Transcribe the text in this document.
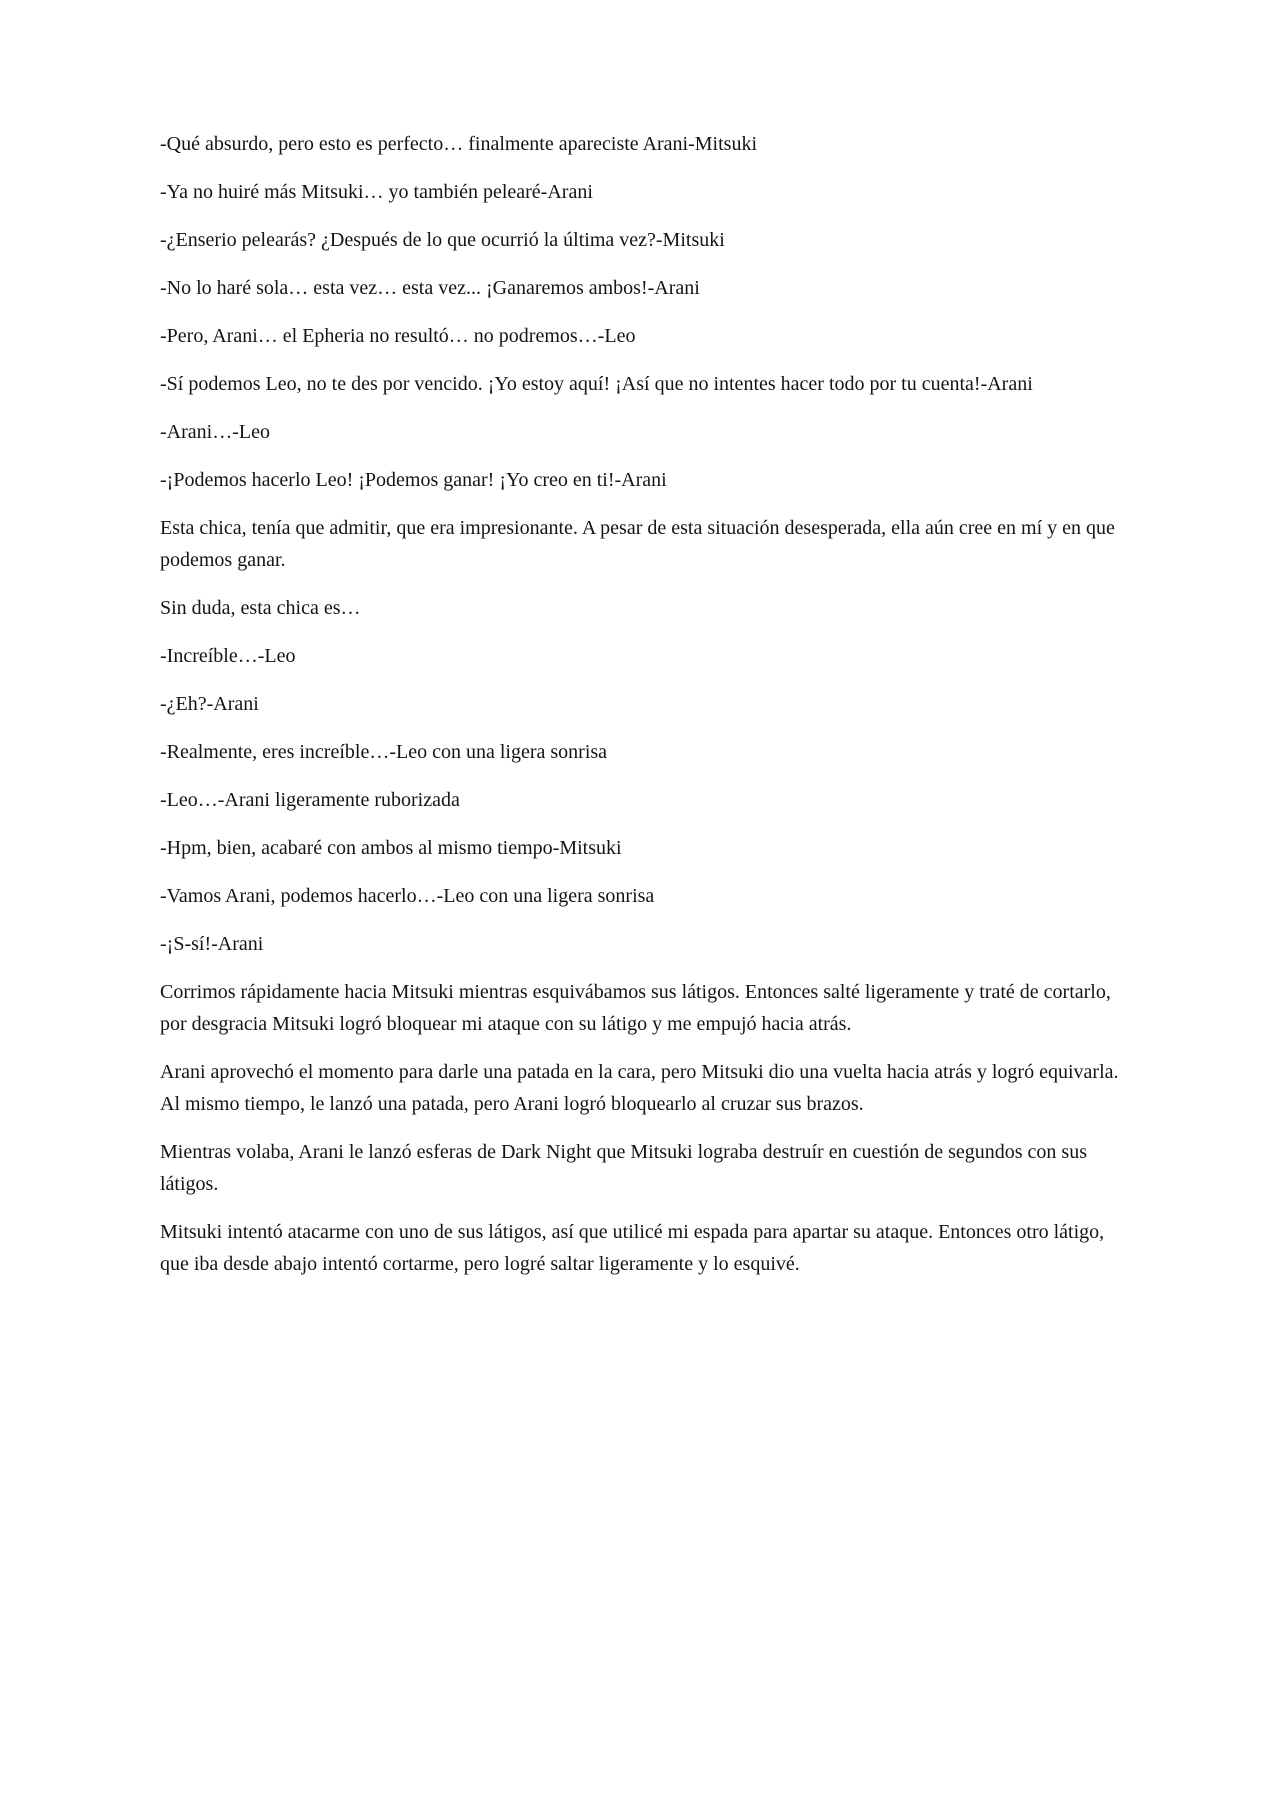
-Qué absurdo, pero esto es perfecto… finalmente apareciste Arani-Mitsuki

-Ya no huiré más Mitsuki… yo también pelearé-Arani

-¿Enserio pelearás? ¿Después de lo que ocurrió la última vez?-Mitsuki

-No lo haré sola… esta vez… esta vez... ¡Ganaremos ambos!-Arani

-Pero, Arani… el Epheria no resultó… no podremos…-Leo

-Sí podemos Leo, no te des por vencido. ¡Yo estoy aquí! ¡Así que no intentes hacer todo por tu cuenta!-Arani

-Arani…-Leo

-¡Podemos hacerlo Leo! ¡Podemos ganar! ¡Yo creo en ti!-Arani

Esta chica, tenía que admitir, que era impresionante. A pesar de esta situación desesperada, ella aún cree en mí y en que podemos ganar.

Sin duda, esta chica es…

-Increíble…-Leo

-¿Eh?-Arani

-Realmente, eres increíble…-Leo con una ligera sonrisa

-Leo…-Arani ligeramente ruborizada

-Hpm, bien, acabaré con ambos al mismo tiempo-Mitsuki

-Vamos Arani, podemos hacerlo…-Leo con una ligera sonrisa

-¡S-sí!-Arani

Corrimos rápidamente hacia Mitsuki mientras esquivábamos sus látigos. Entonces salté ligeramente y traté de cortarlo, por desgracia Mitsuki logró bloquear mi ataque con su látigo y me empujó hacia atrás.

Arani aprovechó el momento para darle una patada en la cara, pero Mitsuki dio una vuelta hacia atrás y logró equivarla. Al mismo tiempo, le lanzó una patada, pero Arani logró bloquearlo al cruzar sus brazos.

Mientras volaba, Arani le lanzó esferas de Dark Night que Mitsuki lograba destruír en cuestión de segundos con sus látigos.

Mitsuki intentó atacarme con uno de sus látigos, así que utilicé mi espada para apartar su ataque. Entonces otro látigo, que iba desde abajo intentó cortarme, pero logré saltar ligeramente y lo esquivé.
